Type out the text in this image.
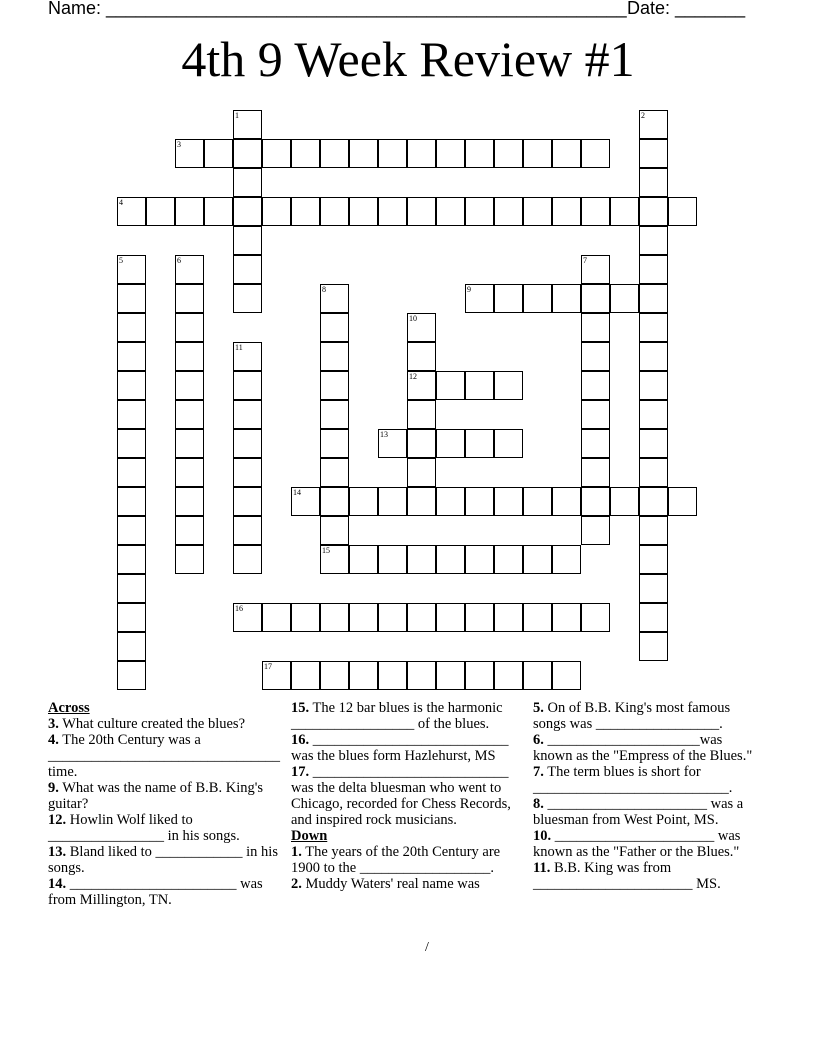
Name: ____________________________________________________ Date: _______
4th 9 Week Review #1
1	2
3
4
5	6	7
8
15
9
10
12
11
13
14
16
17

Across

3. What culture created the blues?

4. The 20th Century was a ________________________________ time.

9. What was the name of B.B. King's guitar?

12. Howlin Wolf liked to ________________ in his songs.

13. Bland liked to ____________ in his songs.

14. _______________________ was from Millington, TN.

15. The 12 bar blues is the harmonic _________________ of the blues.

16. ___________________________ was the blues form Hazlehurst, MS

17. ___________________________ was the delta bluesman who went to Chicago, recorded for Chess Records, and inspired rock musicians.

Down

1. The years of the 20th Century are 1900 to the __________________.

2. Muddy Waters' real name was

5. On of B.B. King's most famous songs was _________________.

6. _____________________was known as the "Empress of the Blues."

7. The term blues is short for ___________________________.

8. ______________________ was a bluesman from West Point, MS.

10. ______________________ was known as the "Father or the Blues."

11. B.B. King was from ______________________ MS.

/
